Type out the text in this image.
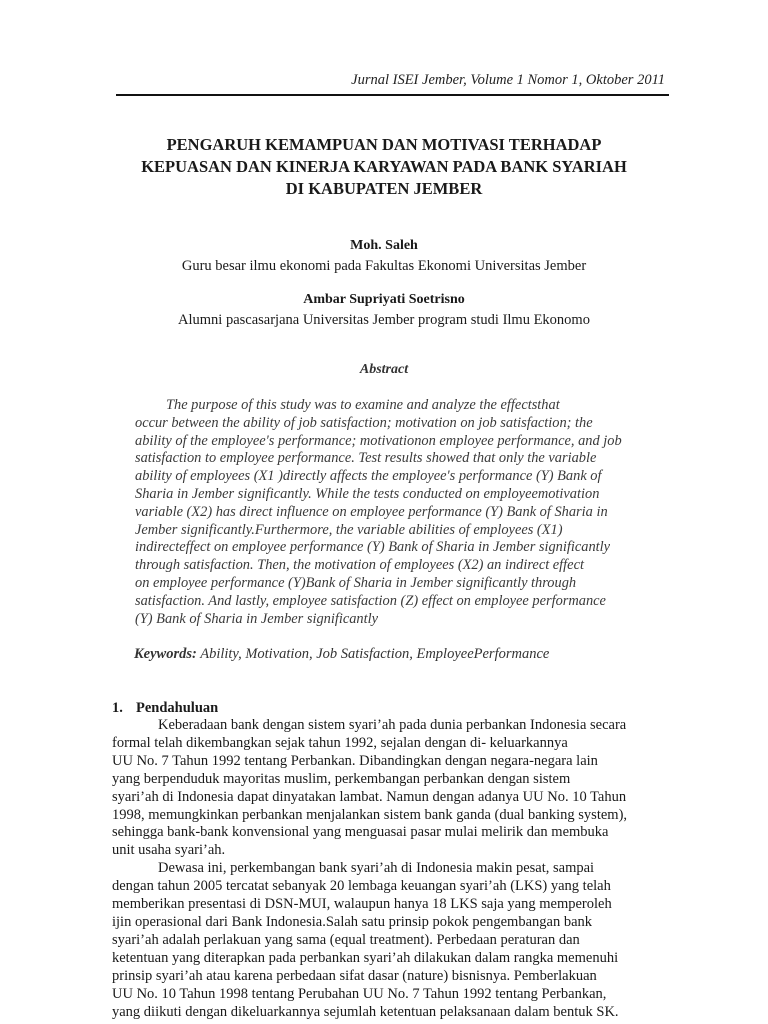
Jurnal ISEI Jember, Volume 1 Nomor 1, Oktober 2011
PENGARUH KEMAMPUAN DAN MOTIVASI TERHADAP
KEPUASAN DAN KINERJA KARYAWAN PADA BANK SYARIAH
DI KABUPATEN JEMBER
Moh. Saleh
Guru besar ilmu ekonomi pada Fakultas Ekonomi Universitas Jember
Ambar Supriyati Soetrisno
Alumni pascasarjana Universitas Jember program studi Ilmu Ekonomo
Abstract
The purpose of this study was to examine and analyze the effectsthat
occur between the ability of job satisfaction; motivation on job satisfaction; the
ability of the employee's performance; motivationon employee performance, and job
satisfaction to employee performance. Test results showed that only the variable
ability of employees (X1 )directly affects the employee's performance (Y) Bank of
Sharia in Jember significantly. While the tests conducted on employeemotivation
variable (X2) has direct influence on employee performance (Y) Bank of Sharia in
Jember significantly.Furthermore, the variable abilities of employees (X1)
indirecteffect on employee performance (Y) Bank of Sharia in Jember significantly
through satisfaction. Then, the motivation of employees (X2) an indirect effect
on employee performance (Y)Bank of Sharia in Jember significantly through
satisfaction. And lastly, employee satisfaction (Z) effect on employee performance
(Y) Bank of Sharia in Jember significantly
Keywords: Ability, Motivation, Job Satisfaction, EmployeePerformance
1. Pendahuluan
Keberadaan bank dengan sistem syari’ah pada dunia perbankan Indonesia secara
formal telah dikembangkan sejak tahun 1992, sejalan dengan di- keluarkannya
UU No. 7 Tahun 1992 tentang Perbankan. Dibandingkan dengan negara-negara lain
yang berpenduduk mayoritas muslim, perkembangan perbankan dengan sistem
syari’ah di Indonesia dapat dinyatakan lambat. Namun dengan adanya UU No. 10 Tahun
1998, memungkinkan perbankan menjalankan sistem bank ganda (dual banking system),
sehingga bank-bank konvensional yang menguasai pasar mulai melirik dan membuka
unit usaha syari’ah.
Dewasa ini, perkembangan bank syari’ah di Indonesia makin pesat, sampai
dengan tahun 2005 tercatat sebanyak 20 lembaga keuangan syari’ah (LKS) yang telah
memberikan presentasi di DSN-MUI, walaupun hanya 18 LKS saja yang memperoleh
ijin operasional dari Bank Indonesia.Salah satu prinsip pokok pengembangan bank
syari’ah adalah perlakuan yang sama (equal treatment). Perbedaan peraturan dan
ketentuan yang diterapkan pada perbankan syari’ah dilakukan dalam rangka memenuhi
prinsip syari’ah atau karena perbedaan sifat dasar (nature) bisnisnya. Pemberlakuan
UU No. 10 Tahun 1998 tentang Perubahan UU No. 7 Tahun 1992 tentang Perbankan,
yang diikuti dengan dikeluarkannya sejumlah ketentuan pelaksanaan dalam bentuk SK.
